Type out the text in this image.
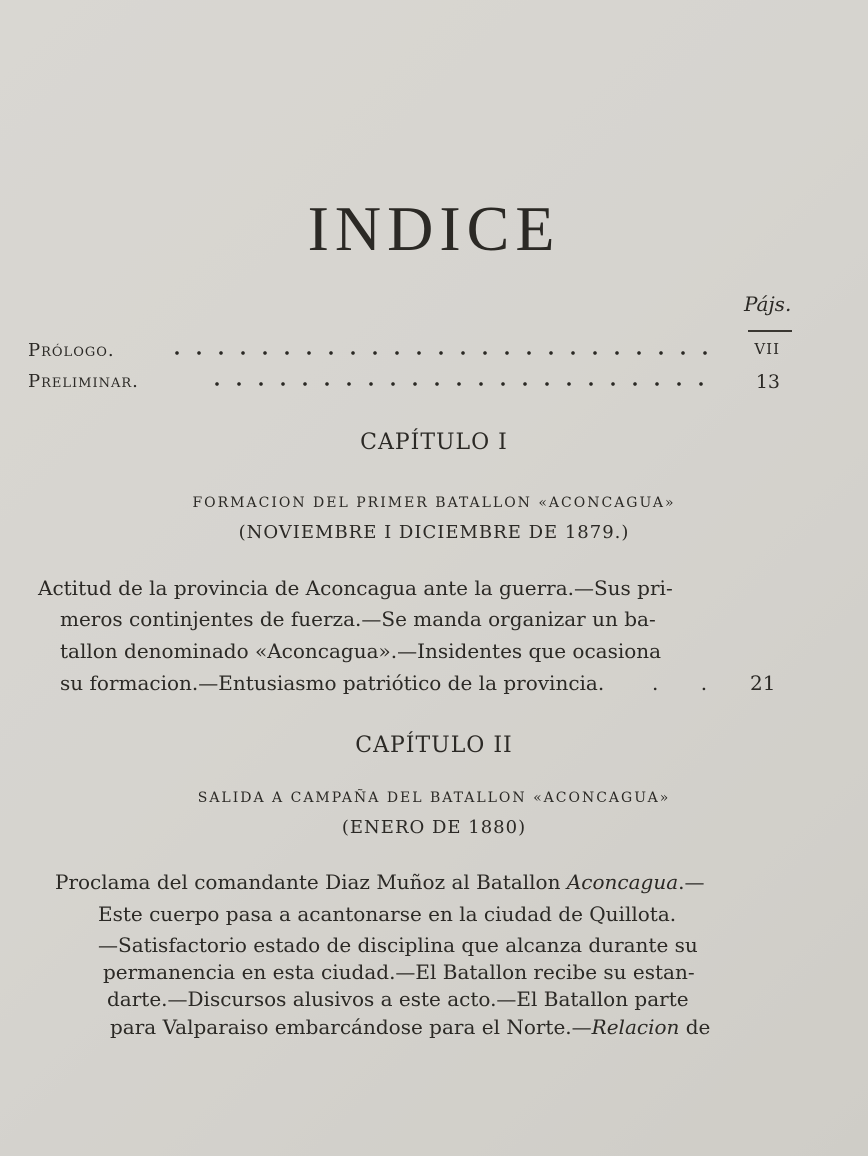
INDICE
Pájs.
Prólogo.	VII
Preliminar.	13
CAPÍTULO I
FORMACION DEL PRIMER BATALLON «ACONCAGUA»
(NOVIEMBRE I DICIEMBRE DE 1879.)
Actitud de la provincia de Aconcagua ante la guerra.—Sus pri-
meros continjentes de fuerza.—Se manda organizar un ba-
tallon denominado «Aconcagua».—Insidentes que ocasiona
su formacion.—Entusiasmo patriótico de la provincia. . . 21
CAPÍTULO II
SALIDA A CAMPAÑA DEL BATALLON «ACONCAGUA»
(ENERO DE 1880)
Proclama del comandante Diaz Muñoz al Batallon Aconcagua.—
Este cuerpo pasa a acantonarse en la ciudad de Quillota.
—Satisfactorio estado de disciplina que alcanza durante su
permanencia en esta ciudad.—El Batallon recibe su estan-
darte.—Discursos alusivos a este acto.—El Batallon parte
para Valparaiso embarcándose para el Norte.—Relacion de
